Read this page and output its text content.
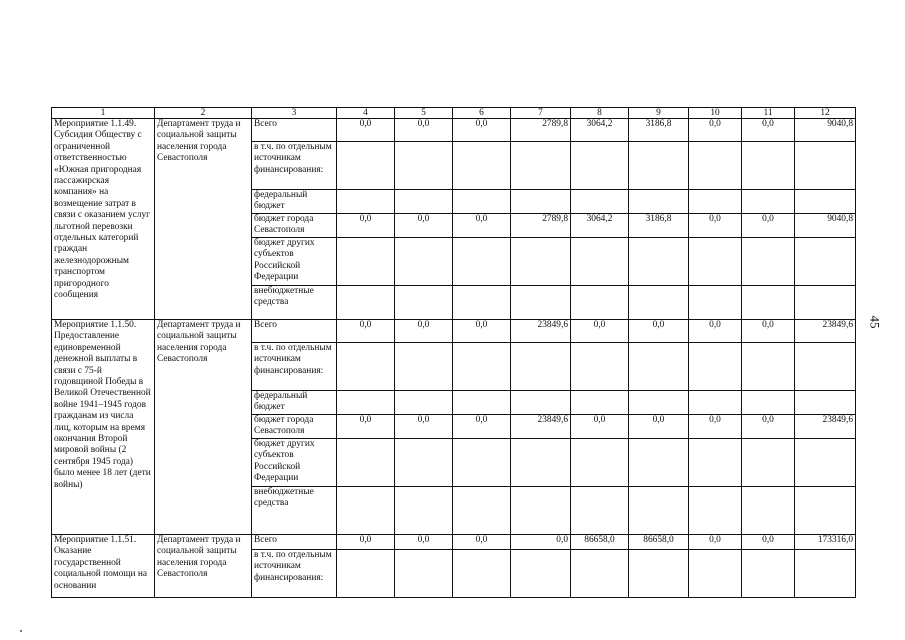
1	2	3	4	5	6	7	8	9	10	11	12
Мероприятие 1.1.49. Субсидия Обществу с ограниченной ответственностью «Южная пригородная пассажирская компания» на возмещение затрат в связи с оказанием услуг льготной перевозки отдельных категорий граждан железнодорожным транспортом пригородного сообщения	Департамент труда и социальной защиты населения города Севастополя	Всего	0,0	0,0	0,0	2789,8	3064,2	3186,8	0,0	0,0	9040,8
		в т.ч. по отдельным источникам финансирования:									
		федеральный бюджет									
		бюджет города Севастополя	0,0	0,0	0,0	2789,8	3064,2	3186,8	0,0	0,0	9040,8
		бюджет других субъектов Российской Федерации									
		внебюджетные средства									
Мероприятие 1.1.50. Предоставление единовременной денежной выплаты в связи с 75-й годовщиной Победы в Великой Отечественной войне 1941–1945 годов гражданам из числа лиц, которым на время окончания Второй мировой войны (2 сентября 1945 года) было менее 18 лет (дети войны)	Департамент труда и социальной защиты населения города Севастополя	Всего	0,0	0,0	0,0	23849,6	0,0	0,0	0,0	0,0	23849,6
		в т.ч. по отдельным источникам финансирования:									
		федеральный бюджет									
		бюджет города Севастополя	0,0	0,0	0,0	23849,6	0,0	0,0	0,0	0,0	23849,6
		бюджет других субъектов Российской Федерации									
		внебюджетные средства									
Мероприятие 1.1.51. Оказание государственной социальной помощи на основании	Департамент труда и социальной защиты населения города Севастополя	Всего	0,0	0,0	0,0	0,0	86658,0	86658,0	0,0	0,0	173316,0
		в т.ч. по отдельным источникам финансирования:									
45
